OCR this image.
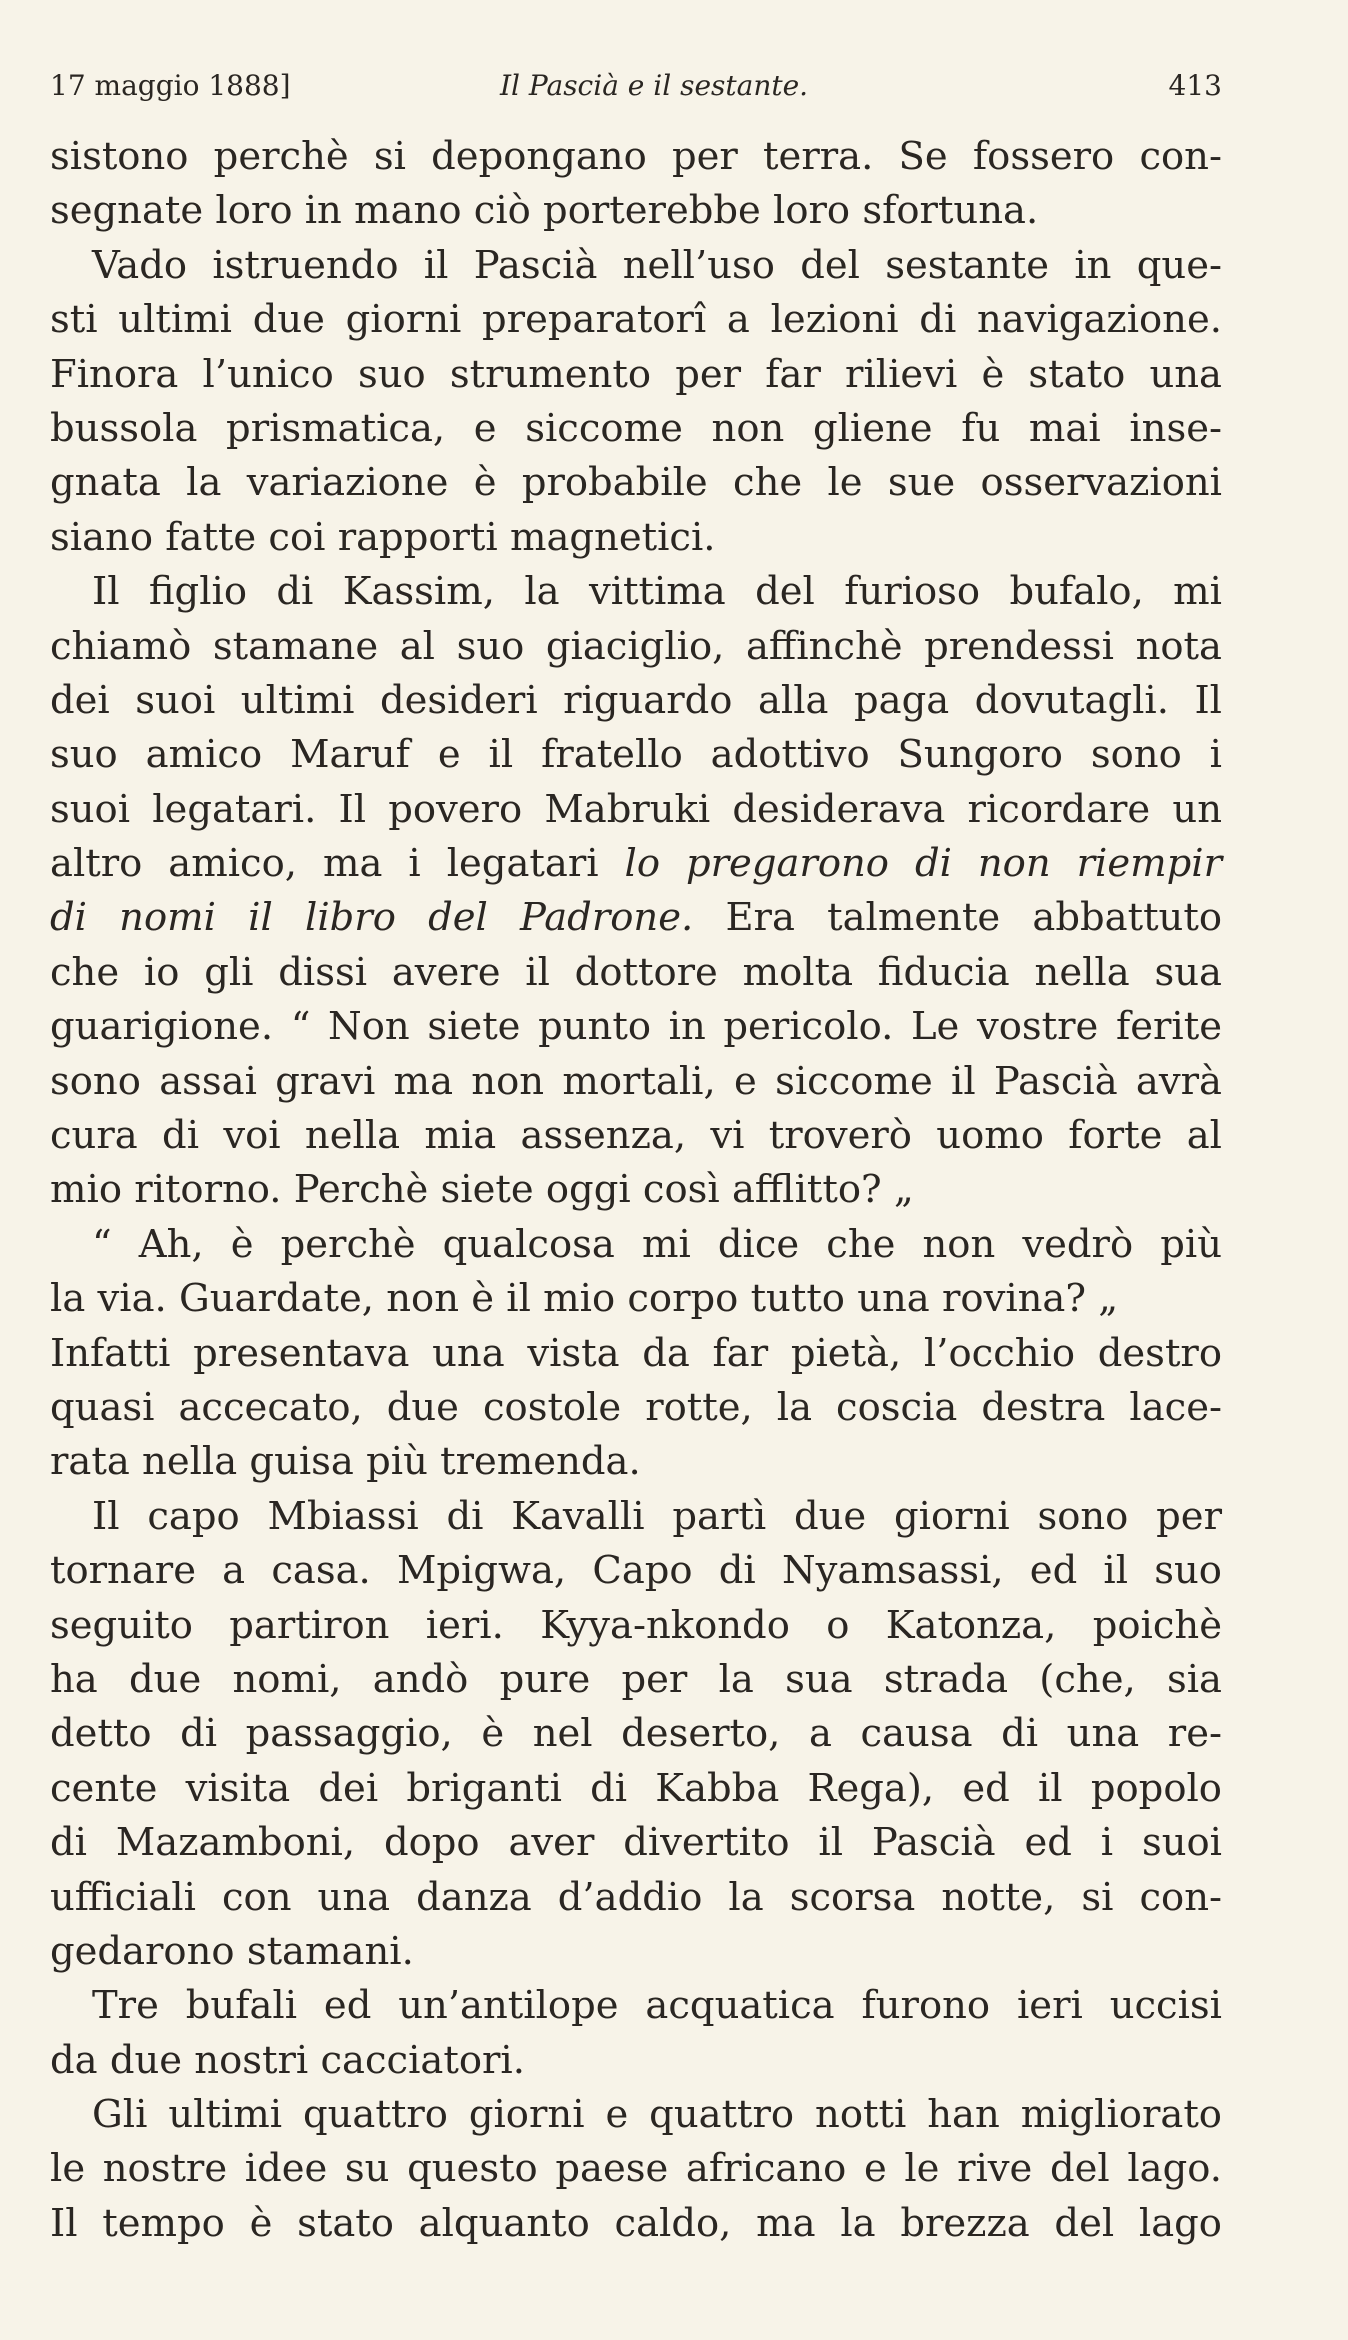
17 maggio 1888]	Il Pascià e il sestante.	413
sistono perchè si depongano per terra. Se fossero con-
segnate loro in mano ciò porterebbe loro sfortuna.
Vado istruendo il Pascià nell’uso del sestante in que-
sti ultimi due giorni preparatorî a lezioni di navigazione.
Finora l’unico suo strumento per far rilievi è stato una
bussola prismatica, e siccome non gliene fu mai inse-
gnata la variazione è probabile che le sue osservazioni
siano fatte coi rapporti magnetici.
Il figlio di Kassim, la vittima del furioso bufalo, mi
chiamò stamane al suo giaciglio, affinchè prendessi nota
dei suoi ultimi desideri riguardo alla paga dovutagli. Il
suo amico Maruf e il fratello adottivo Sungoro sono i
suoi legatari. Il povero Mabruki desiderava ricordare un
altro amico, ma i legatari lo pregarono di non riempir
di nomi il libro del Padrone. Era talmente abbattuto
che io gli dissi avere il dottore molta fiducia nella sua
guarigione. “ Non siete punto in pericolo. Le vostre ferite
sono assai gravi ma non mortali, e siccome il Pascià avrà
cura di voi nella mia assenza, vi troverò uomo forte al
mio ritorno. Perchè siete oggi così afflitto? „
“ Ah, è perchè qualcosa mi dice che non vedrò più
la via. Guardate, non è il mio corpo tutto una rovina? „
Infatti presentava una vista da far pietà, l’occhio destro
quasi accecato, due costole rotte, la coscia destra lace-
rata nella guisa più tremenda.
Il capo Mbiassi di Kavalli partì due giorni sono per
tornare a casa. Mpigwa, Capo di Nyamsassi, ed il suo
seguito partiron ieri. Kyya-nkondo o Katonza, poichè
ha due nomi, andò pure per la sua strada (che, sia
detto di passaggio, è nel deserto, a causa di una re-
cente visita dei briganti di Kabba Rega), ed il popolo
di Mazamboni, dopo aver divertito il Pascià ed i suoi
ufficiali con una danza d’addio la scorsa notte, si con-
gedarono stamani.
Tre bufali ed un’antilope acquatica furono ieri uccisi
da due nostri cacciatori.
Gli ultimi quattro giorni e quattro notti han migliorato
le nostre idee su questo paese africano e le rive del lago.
Il tempo è stato alquanto caldo, ma la brezza del lago
